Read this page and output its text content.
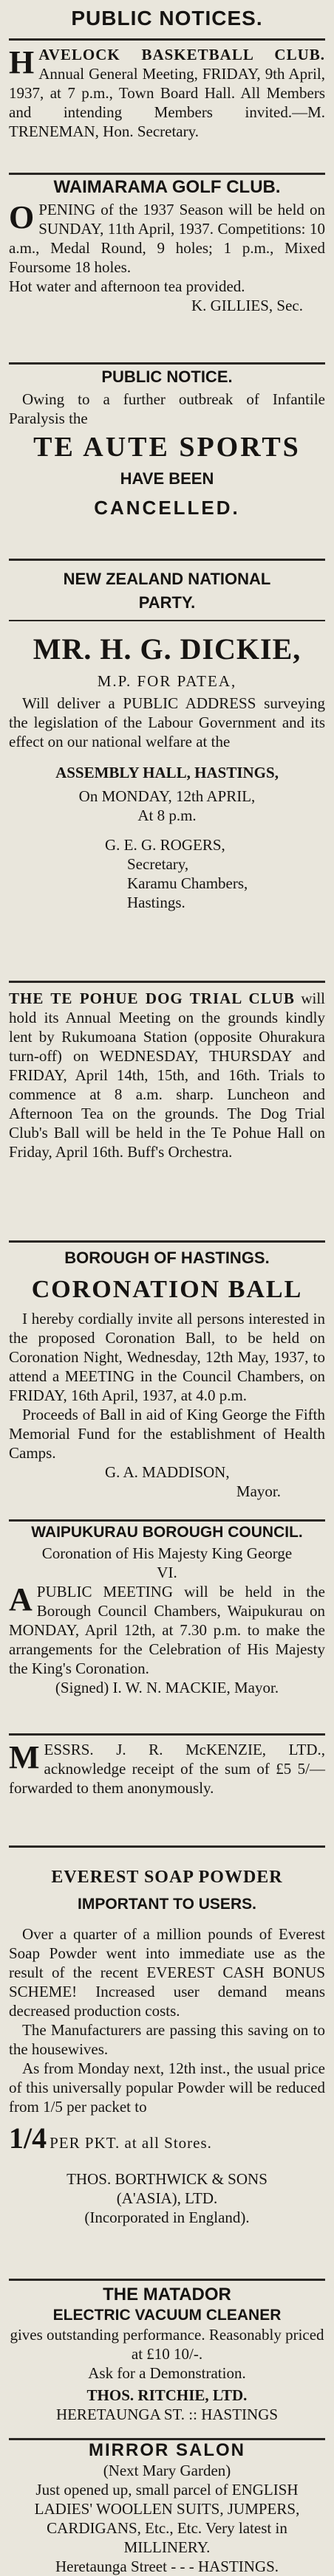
PUBLIC NOTICES.

HAVELOCK BASKETBALL CLUB. Annual General Meeting, FRIDAY, 9th April, 1937, at 7 p.m., Town Board Hall. All Members and intending Members invited.—M. TRENEMAN, Hon. Secretary.

WAIMARAMA GOLF CLUB.

OPENING of the 1937 Season will be held on SUNDAY, 11th April, 1937. Competitions: 10 a.m., Medal Round, 9 holes; 1 p.m., Mixed Foursome 18 holes.

Hot water and afternoon tea provided.

K. GILLIES, Sec.

PUBLIC NOTICE.

Owing to a further outbreak of Infantile Paralysis the

TE AUTE SPORTS

HAVE BEEN

CANCELLED.

NEW ZEALAND NATIONAL

PARTY.

MR. H. G. DICKIE,

M.P. FOR PATEA,

Will deliver a PUBLIC ADDRESS surveying the legislation of the Labour Government and its effect on our national welfare at the

ASSEMBLY HALL, HASTINGS,

On MONDAY, 12th APRIL,

At 8 p.m.

G. E. G. ROGERS,

Secretary,

Karamu Chambers,

Hastings.

THE TE POHUE DOG TRIAL CLUB will hold its Annual Meeting on the grounds kindly lent by Rukumoana Station (opposite Ohurakura turn-off) on WEDNESDAY, THURSDAY and FRIDAY, April 14th, 15th, and 16th. Trials to commence at 8 a.m. sharp. Luncheon and Afternoon Tea on the grounds. The Dog Trial Club's Ball will be held in the Te Pohue Hall on Friday, April 16th. Buff's Orchestra.

BOROUGH OF HASTINGS.

CORONATION BALL

I hereby cordially invite all persons interested in the proposed Coronation Ball, to be held on Coronation Night, Wednesday, 12th May, 1937, to attend a MEETING in the Council Chambers, on FRIDAY, 16th April, 1937, at 4.0 p.m.

Proceeds of Ball in aid of King George the Fifth Memorial Fund for the establishment of Health Camps.

G. A. MADDISON,

Mayor.

WAIPUKURAU BOROUGH COUNCIL.

Coronation of His Majesty King George VI.

APUBLIC MEETING will be held in the Borough Council Chambers, Waipukurau on MONDAY, April 12th, at 7.30 p.m. to make the arrangements for the Celebration of His Majesty the King's Coronation.

(Signed) I. W. N. MACKIE, Mayor.

MESSRS. J. R. McKENZIE, LTD., acknowledge receipt of the sum of £5 5/—forwarded to them anonymously.

EVEREST SOAP POWDER

IMPORTANT TO USERS.

Over a quarter of a million pounds of Everest Soap Powder went into immediate use as the result of the recent EVEREST CASH BONUS SCHEME! Increased user demand means decreased production costs.

The Manufacturers are passing this saving on to the housewives.

As from Monday next, 12th inst., the usual price of this universally popular Powder will be reduced from 1/5 per packet to

1/4 PER PKT. at all Stores.

THOS. BORTHWICK & SONS (A'ASIA), LTD.

(Incorporated in England).

THE MATADOR

ELECTRIC VACUUM CLEANER

gives outstanding performance. Reasonably priced at £10 10/-.

Ask for a Demonstration.

THOS. RITCHIE, LTD.

HERETAUNGA ST. :: HASTINGS

MIRROR SALON

(Next Mary Garden)

Just opened up, small parcel of ENGLISH LADIES' WOOLLEN SUITS, JUMPERS, CARDIGANS, Etc., Etc. Very latest in MILLINERY.

Heretaunga Street - - - HASTINGS.
